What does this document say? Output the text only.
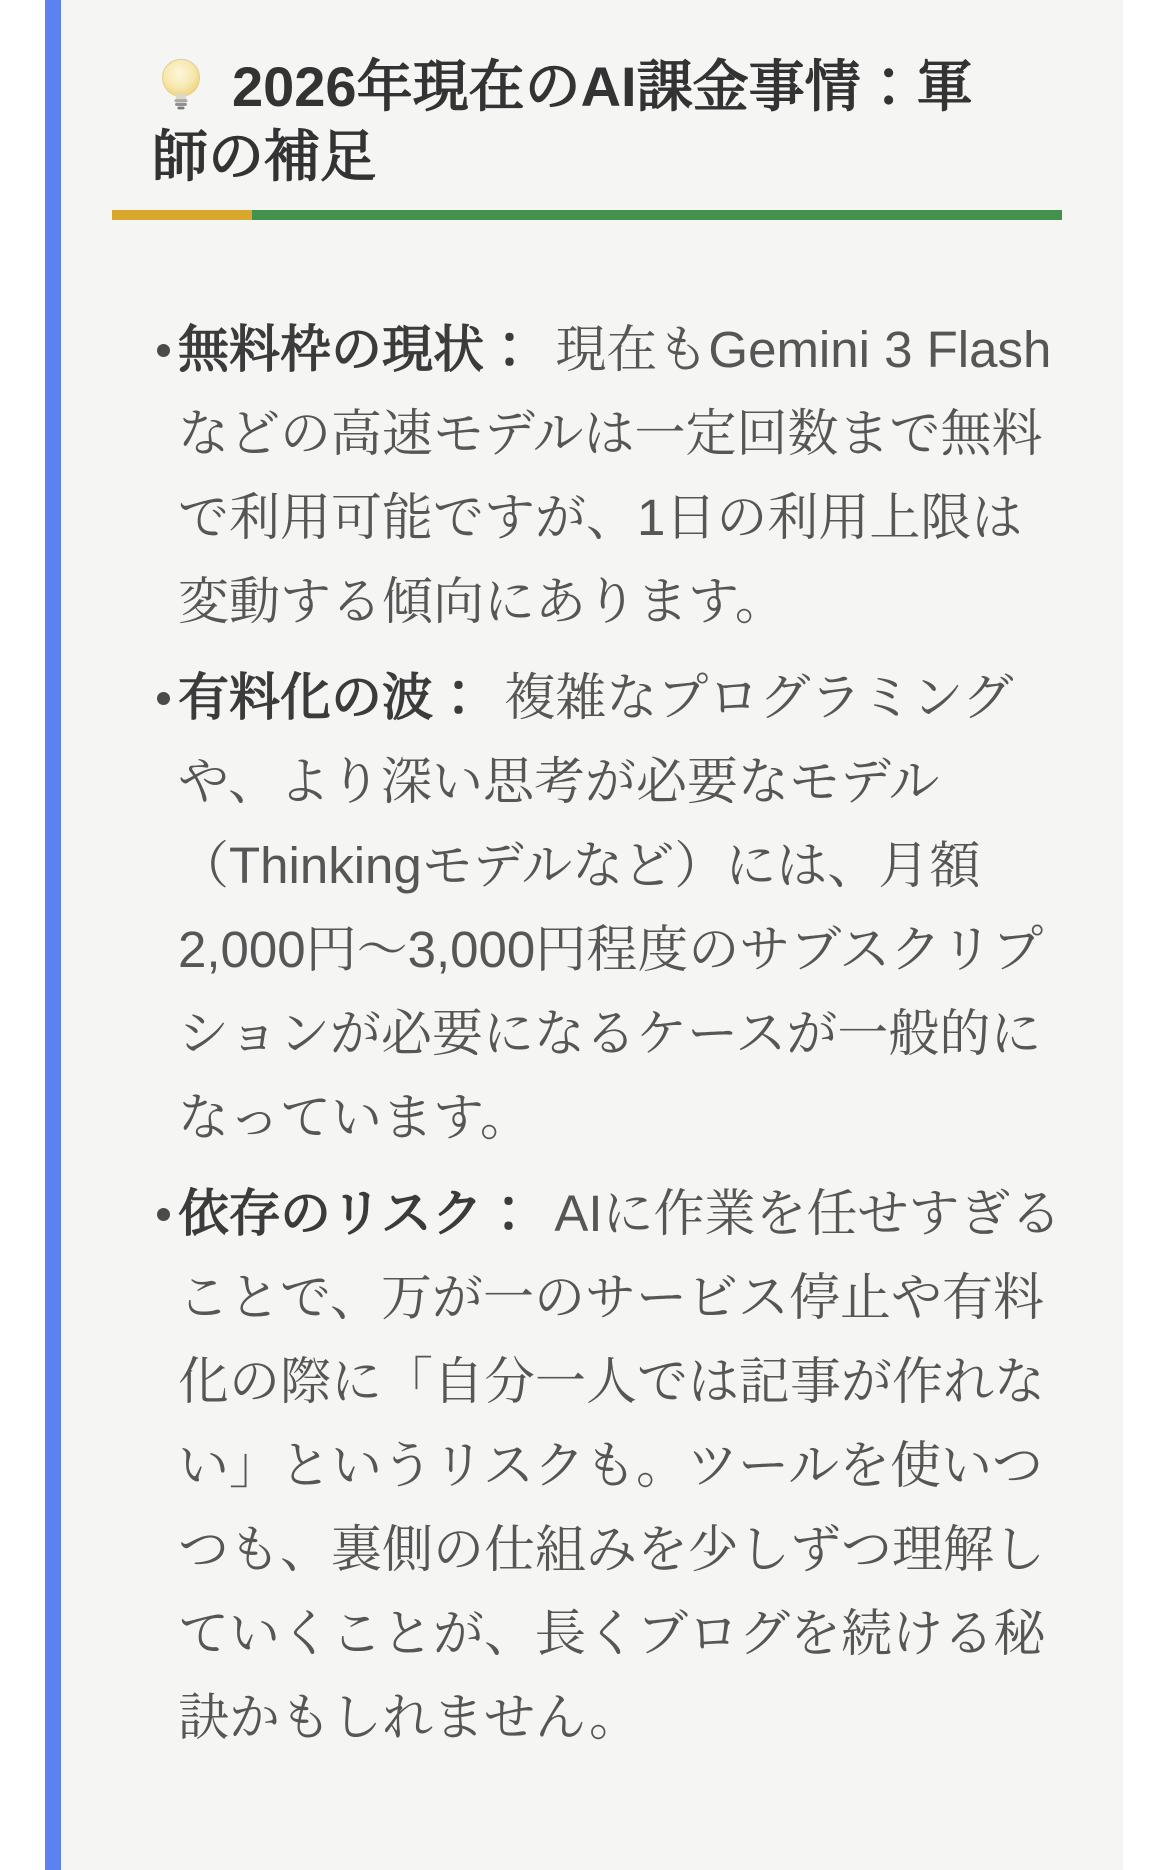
2026年現在のAI課金事情：軍師の補足
無料枠の現状： 現在もGemini 3 Flashなどの高速モデルは一定回数まで無料で利用可能ですが、1日の利用上限は変動する傾向にあります。
有料化の波： 複雑なプログラミングや、より深い思考が必要なモデル（Thinkingモデルなど）には、月額2,000円〜3,000円程度のサブスクリプションが必要になるケースが一般的になっています。
依存のリスク： AIに作業を任せすぎることで、万が一のサービス停止や有料化の際に「自分一人では記事が作れない」というリスクも。ツールを使いつつも、裏側の仕組みを少しずつ理解していくことが、長くブログを続ける秘訣かもしれません。
